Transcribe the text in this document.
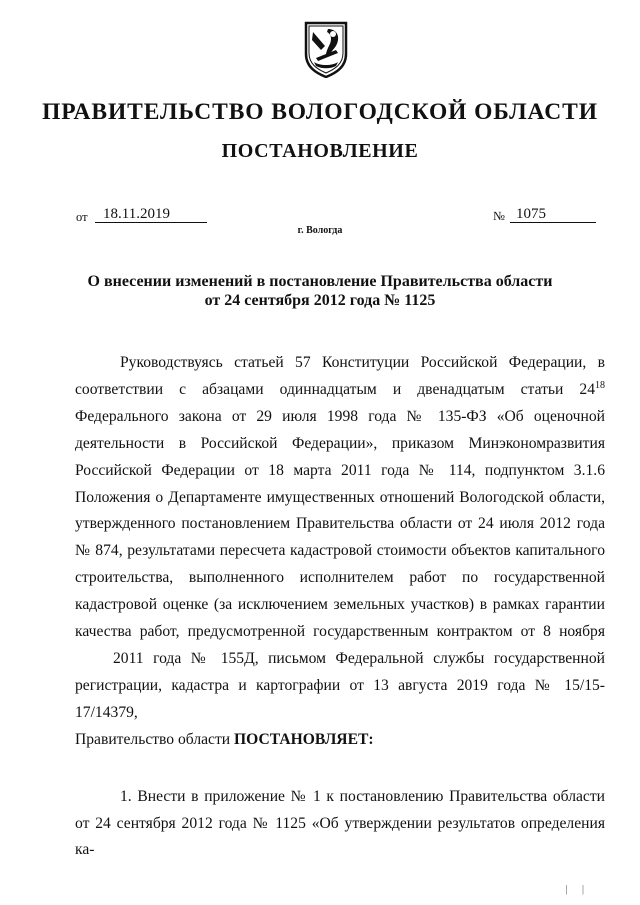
ПРАВИТЕЛЬСТВО ВОЛОГОДСКОЙ ОБЛАСТИ
ПОСТАНОВЛЕНИЕ
от	18.11.2019	№ 1075
г. Вологда
О внесении изменений в постановление Правительства области
от 24 сентября 2012 года № 1125

Руководствуясь статьей 57 Конституции Российской Федерации, в соответствии с абзацами одиннадцатым и двенадцатым статьи $24^{18}$ Федерального закона от 29 июля 1998 года № 135-ФЗ «Об оценочной деятельности в Российской Федерации», приказом Минэкономразвития Российской Федерации от 18 марта 2011 года № 114, подпунктом 3.1.6 Положения о Департаменте имущественных отношений Вологодской области, утвержденного постановлением Правительства области от 24 июля 2012 года № 874, результатами пересчета кадастровой стоимости объектов капитального строительства, выполненного исполнителем работ по государственной кадастровой оценке (за исключением земельных участков) в рамках гарантии качества работ, предусмотренной государственным контрактом от 8 ноября2011 года № 155Д, письмом Федеральной службы государственной регистрации, кадастра и картографии от 13 августа 2019 года № 15/15-17/14379,

Правительство области ПОСТАНОВЛЯЕТ:

1. Внести в приложение № 1 к постановлению Правительства области от 24 сентября 2012 года № 1125 «Об утверждении результатов определения ка-

| |
